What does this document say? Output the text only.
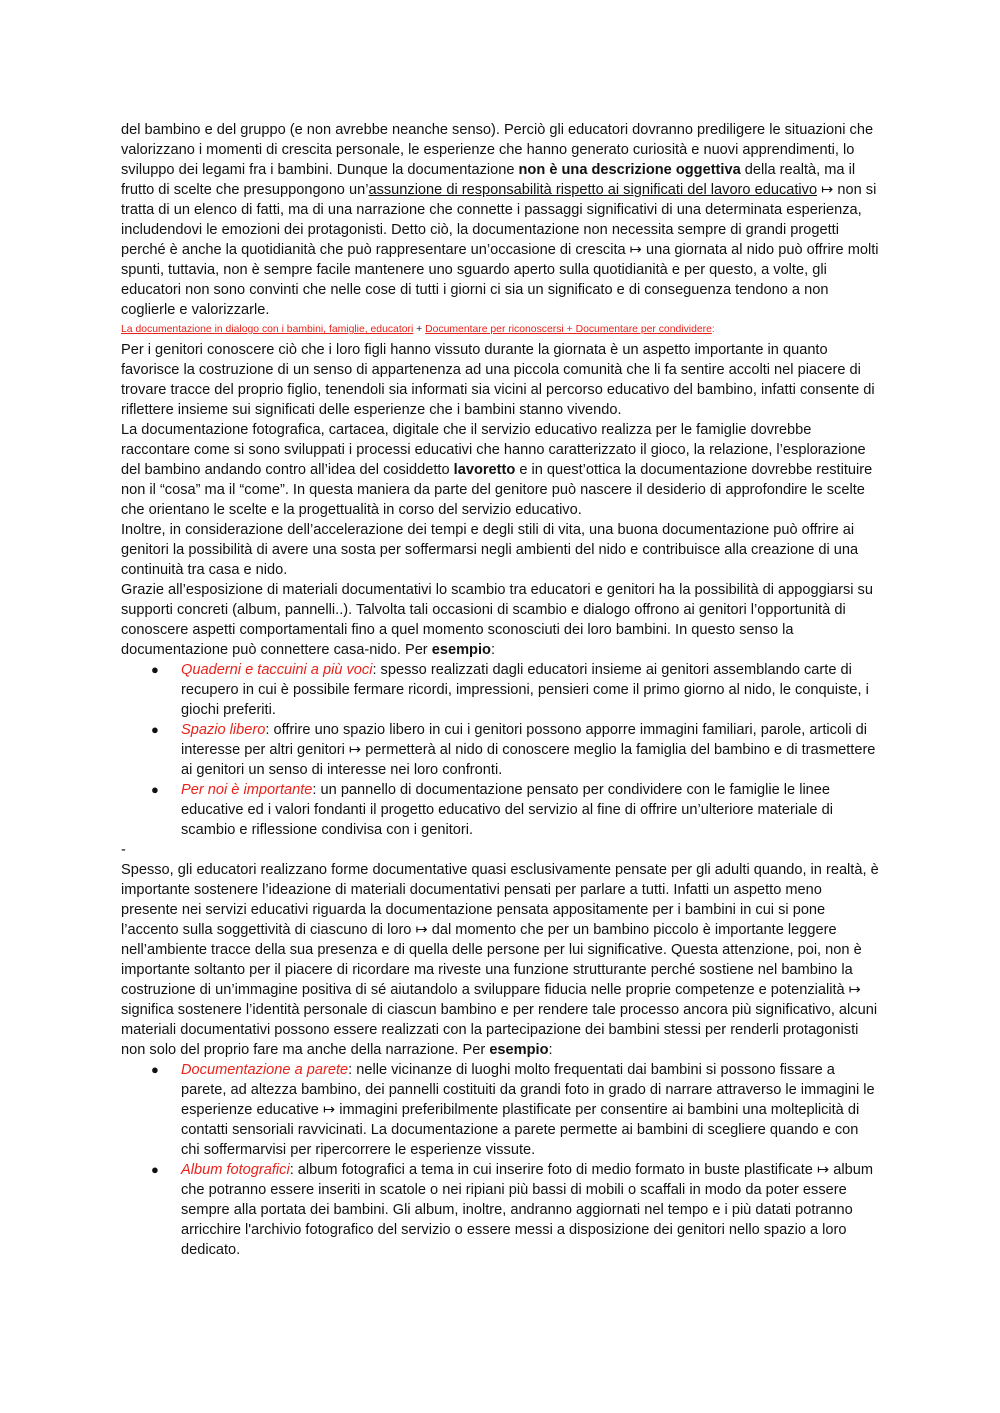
del bambino e del gruppo (e non avrebbe neanche senso). Perciò gli educatori dovranno prediligere le situazioni che valorizzano i momenti di crescita personale, le esperienze che hanno generato curiosità e nuovi apprendimenti, lo sviluppo dei legami fra i bambini. Dunque la documentazione non è una descrizione oggettiva della realtà, ma il frutto di scelte che presuppongono un’assunzione di responsabilità rispetto ai significati del lavoro educativo ↦ non si tratta di un elenco di fatti, ma di una narrazione che connette i passaggi significativi di una determinata esperienza, includendovi le emozioni dei protagonisti. Detto ciò, la documentazione non necessita sempre di grandi progetti perché è anche la quotidianità che può rappresentare un’occasione di crescita ↦ una giornata al nido può offrire molti spunti, tuttavia, non è sempre facile mantenere uno sguardo aperto sulla quotidianità e per questo, a volte, gli educatori non sono convinti che nelle cose di tutti i giorni ci sia un significato e di conseguenza tendono a non coglierle e valorizzarle.

La documentazione in dialogo con i bambini, famiglie, educatori + Documentare per riconoscersi + Documentare per condividere:

Per i genitori conoscere ciò che i loro figli hanno vissuto durante la giornata è un aspetto importante in quanto favorisce la costruzione di un senso di appartenenza ad una piccola comunità che li fa sentire accolti nel piacere di trovare tracce del proprio figlio, tenendoli sia informati sia vicini al percorso educativo del bambino, infatti consente di riflettere insieme sui significati delle esperienze che i bambini stanno vivendo.

La documentazione fotografica, cartacea, digitale che il servizio educativo realizza per le famiglie dovrebbe raccontare come si sono sviluppati i processi educativi che hanno caratterizzato il gioco, la relazione, l’esplorazione del bambino andando contro all’idea del cosiddetto lavoretto e in quest’ottica la documentazione dovrebbe restituire non il “cosa” ma il “come”. In questa maniera da parte del genitore può nascere il desiderio di approfondire le scelte che orientano le scelte e la progettualità in corso del servizio educativo.

Inoltre, in considerazione dell’accelerazione dei tempi e degli stili di vita, una buona documentazione può offrire ai genitori la possibilità di avere una sosta per soffermarsi negli ambienti del nido e contribuisce alla creazione di una continuità tra casa e nido.

Grazie all’esposizione di materiali documentativi lo scambio tra educatori e genitori ha la possibilità di appoggiarsi su supporti concreti (album, pannelli..). Talvolta tali occasioni di scambio e dialogo offrono ai genitori l’opportunità di conoscere aspetti comportamentali fino a quel momento sconosciuti dei loro bambini. In questo senso la documentazione può connettere casa-nido. Per esempio:

● Quaderni e taccuini a più voci: spesso realizzati dagli educatori insieme ai genitori assemblando carte di recupero in cui è possibile fermare ricordi, impressioni, pensieri come il primo giorno al nido, le conquiste, i giochi preferiti.
● Spazio libero: offrire uno spazio libero in cui i genitori possono apporre immagini familiari, parole, articoli di interesse per altri genitori ↦ permetterà al nido di conoscere meglio la famiglia del bambino e di trasmettere ai genitori un senso di interesse nei loro confronti.
● Per noi è importante: un pannello di documentazione pensato per condividere con le famiglie le linee educative ed i valori fondanti il progetto educativo del servizio al fine di offrire un’ulteriore materiale di scambio e riflessione condivisa con i genitori.

-

Spesso, gli educatori realizzano forme documentative quasi esclusivamente pensate per gli adulti quando, in realtà, è importante sostenere l’ideazione di materiali documentativi pensati per parlare a tutti. Infatti un aspetto meno presente nei servizi educativi riguarda la documentazione pensata appositamente per i bambini in cui si pone l’accento sulla soggettività di ciascuno di loro ↦ dal momento che per un bambino piccolo è importante leggere nell’ambiente tracce della sua presenza e di quella delle persone per lui significative. Questa attenzione, poi, non è importante soltanto per il piacere di ricordare ma riveste una funzione strutturante perché sostiene nel bambino la costruzione di un’immagine positiva di sé aiutandolo a sviluppare fiducia nelle proprie competenze e potenzialità ↦ significa sostenere l’identità personale di ciascun bambino e per rendere tale processo ancora più significativo, alcuni materiali documentativi possono essere realizzati con la partecipazione dei bambini stessi per renderli protagonisti non solo del proprio fare ma anche della narrazione. Per esempio:

● Documentazione a parete: nelle vicinanze di luoghi molto frequentati dai bambini si possono fissare a parete, ad altezza bambino, dei pannelli costituiti da grandi foto in grado di narrare attraverso le immagini le esperienze educative ↦ immagini preferibilmente plastificate per consentire ai bambini una molteplicità di contatti sensoriali ravvicinati. La documentazione a parete permette ai bambini di scegliere quando e con chi soffermarvisi per ripercorrere le esperienze vissute.
● Album fotografici: album fotografici a tema in cui inserire foto di medio formato in buste plastificate ↦ album che potranno essere inseriti in scatole o nei ripiani più bassi di mobili o scaffali in modo da poter essere sempre alla portata dei bambini. Gli album, inoltre, andranno aggiornati nel tempo e i più datati potranno arricchire l'archivio fotografico del servizio o essere messi a disposizione dei genitori nello spazio a loro dedicato.
